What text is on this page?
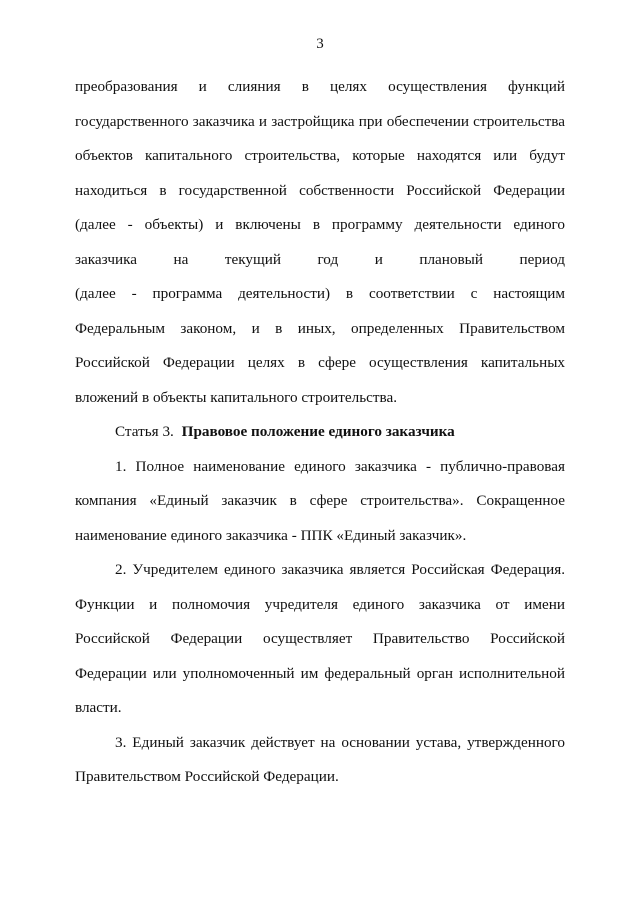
3
преобразования и слияния в целях осуществления функций
государственного заказчика и застройщика при обеспечении строительства
объектов капитального строительства, которые находятся или будут
находиться в государственной собственности Российской Федерации
(далее - объекты) и включены в программу деятельности единого
заказчика на текущий год и плановый период
(далее - программа деятельности) в соответствии с настоящим
Федеральным законом, и в иных, определенных Правительством
Российской Федерации целях в сфере осуществления капитальных
вложений в объекты капитального строительства.
Статья 3. Правовое положение единого заказчика
1. Полное наименование единого заказчика - публично-правовая
компания «Единый заказчик в сфере строительства». Сокращенное
наименование единого заказчика - ППК «Единый заказчик».
2. Учредителем единого заказчика является Российская Федерация.
Функции и полномочия учредителя единого заказчика от имени
Российской Федерации осуществляет Правительство Российской
Федерации или уполномоченный им федеральный орган исполнительной
власти.
3. Единый заказчик действует на основании устава, утвержденного
Правительством Российской Федерации.
